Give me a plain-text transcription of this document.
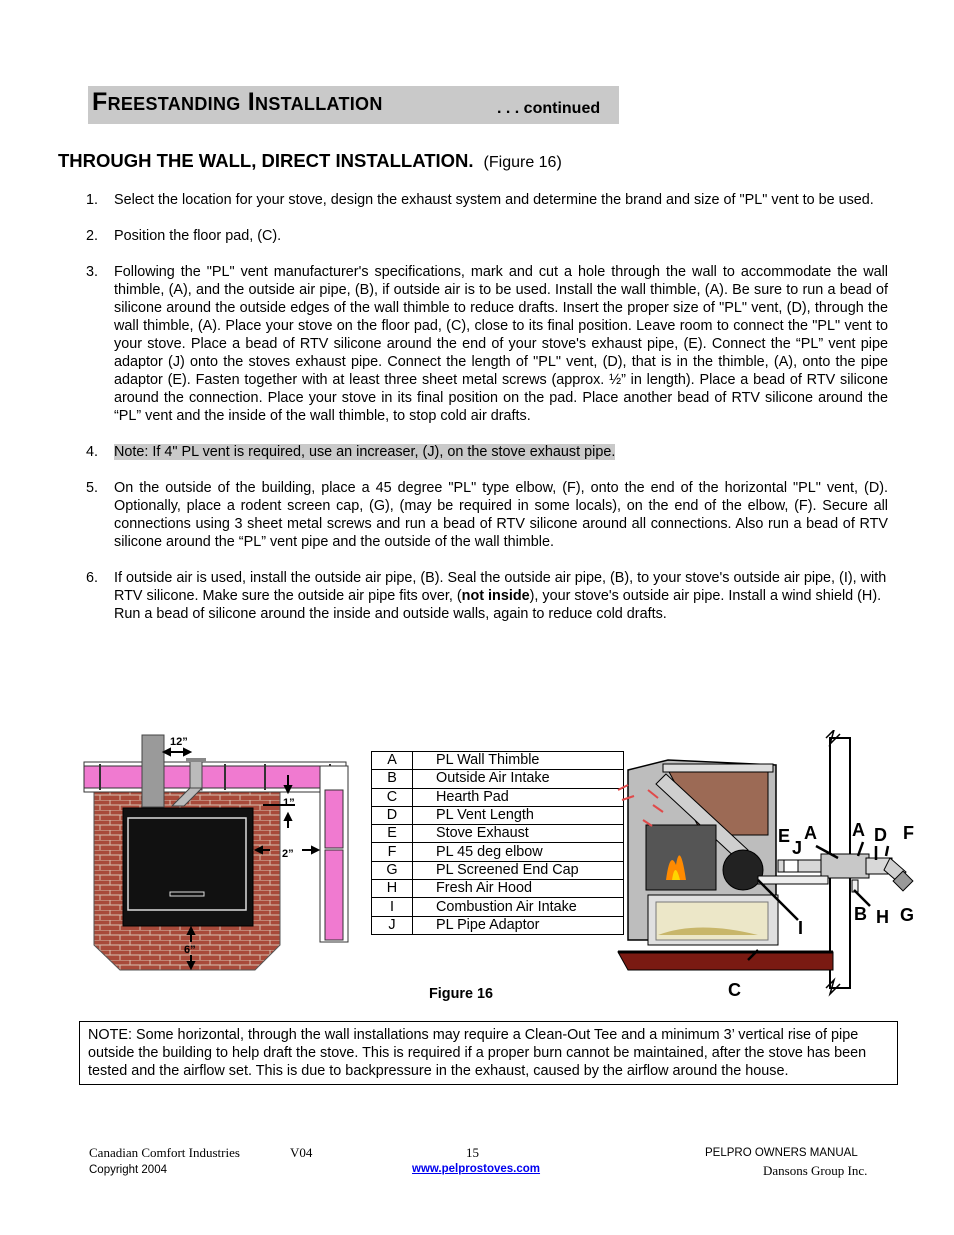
Freestanding Installation	. . . continued
THROUGH THE WALL, DIRECT INSTALLATION. (Figure 16)
1. Select the location for your stove, design the exhaust system and determine the brand and size of "PL" vent to be used.
2. Position the floor pad, (C).
3. Following the "PL" vent manufacturer's specifications, mark and cut a hole through the wall to accommodate the wall thimble, (A), and the outside air pipe, (B), if outside air is to be used. Install the wall thimble, (A). Be sure to run a bead of silicone around the outside edges of the wall thimble to reduce drafts. Insert the proper size of "PL" vent, (D), through the wall thimble, (A). Place your stove on the floor pad, (C), close to its final position. Leave room to connect the "PL" vent to your stove. Place a bead of RTV silicone around the end of your stove's exhaust pipe, (E). Connect the “PL” vent pipe adaptor (J) onto the stoves exhaust pipe. Connect the length of "PL" vent, (D), that is in the thimble, (A), onto the pipe adaptor (E). Fasten together with at least three sheet metal screws (approx. ½” in length). Place a bead of RTV silicone around the connection. Place your stove in its final position on the pad. Place another bead of RTV silicone around the “PL” vent and the inside of the wall thimble, to stop cold air drafts.
4. Note: If 4" PL vent is required, use an increaser, (J), on the stove exhaust pipe.
5. On the outside of the building, place a 45 degree "PL" type elbow, (F), onto the end of the horizontal "PL" vent, (D). Optionally, place a rodent screen cap, (G), (may be required in some locals), on the end of the elbow, (F). Secure all connections using 3 sheet metal screws and run a bead of RTV silicone around all connections. Also run a bead of RTV silicone around the “PL” vent pipe and the outside of the wall thimble.
6. If outside air is used, install the outside air pipe, (B). Seal the outside air pipe, (B), to your stove's outside air pipe, (I), with RTV silicone. Make sure the outside air pipe fits over, (not inside), your stove's outside air pipe. Install a wind shield (H). Run a bead of silicone around the inside and outside walls, again to reduce cold drafts.
12”
1”
2”
6”
A	PL Wall Thimble
B	Outside Air Intake
C	Hearth Pad
D	PL Vent Length
E	Stove Exhaust
F	PL 45 deg elbow
G	PL Screened End Cap
H	Fresh Air Hood
I	Combustion Air Intake
J	PL Pipe Adaptor
E
J
A A D F
I
B H G
C
Figure 16
NOTE: Some horizontal, through the wall installations may require a Clean-Out Tee and a minimum 3’ vertical rise of pipe outside the building to help draft the stove. This is required if a proper burn cannot be maintained, after the stove has been tested and the airflow set. This is due to backpressure in the exhaust, caused by the airflow around the house.
Canadian Comfort Industries	V04
Copyright 2004
15
www.pelprostoves.com
PELPRO OWNERS MANUAL
Dansons Group Inc.
